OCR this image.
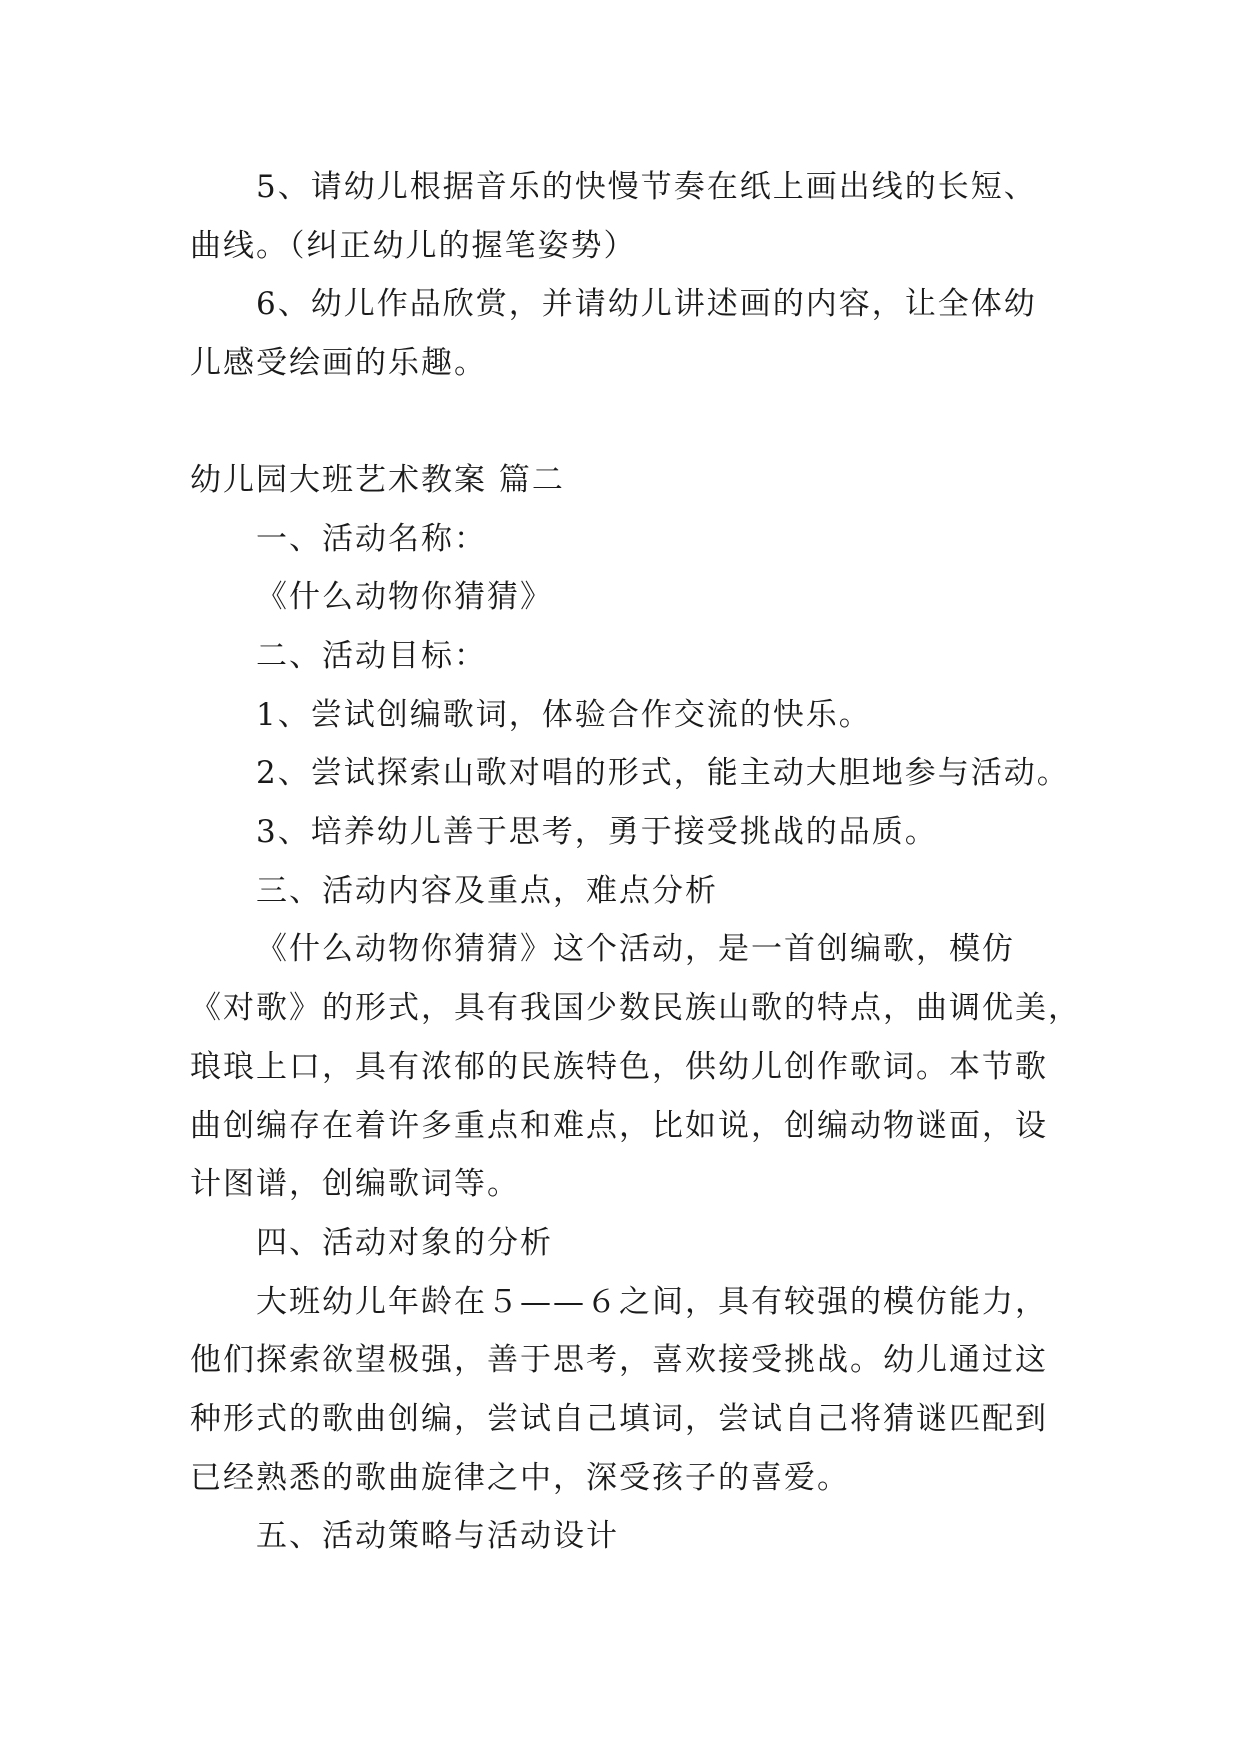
5、请幼儿根据音乐的快慢节奏在纸上画出线的长短、
曲线。（纠正幼儿的握笔姿势）
6、幼儿作品欣赏，并请幼儿讲述画的内容，让全体幼
儿感受绘画的乐趣。
幼儿园大班艺术教案 篇二
一、活动名称：
《什么动物你猜猜》
二、活动目标：
1、尝试创编歌词，体验合作交流的快乐。
2、尝试探索山歌对唱的形式，能主动大胆地参与活动。
3、培养幼儿善于思考，勇于接受挑战的品质。
三、活动内容及重点，难点分析
《什么动物你猜猜》这个活动，是一首创编歌，模仿
《对歌》的形式，具有我国少数民族山歌的特点，曲调优美，
琅琅上口，具有浓郁的民族特色，供幼儿创作歌词。本节歌
曲创编存在着许多重点和难点，比如说，创编动物谜面，设
计图谱，创编歌词等。
四、活动对象的分析
大班幼儿年龄在５——６之间，具有较强的模仿能力，
他们探索欲望极强，善于思考，喜欢接受挑战。幼儿通过这
种形式的歌曲创编，尝试自己填词，尝试自己将猜谜匹配到
已经熟悉的歌曲旋律之中，深受孩子的喜爱。
五、活动策略与活动设计
